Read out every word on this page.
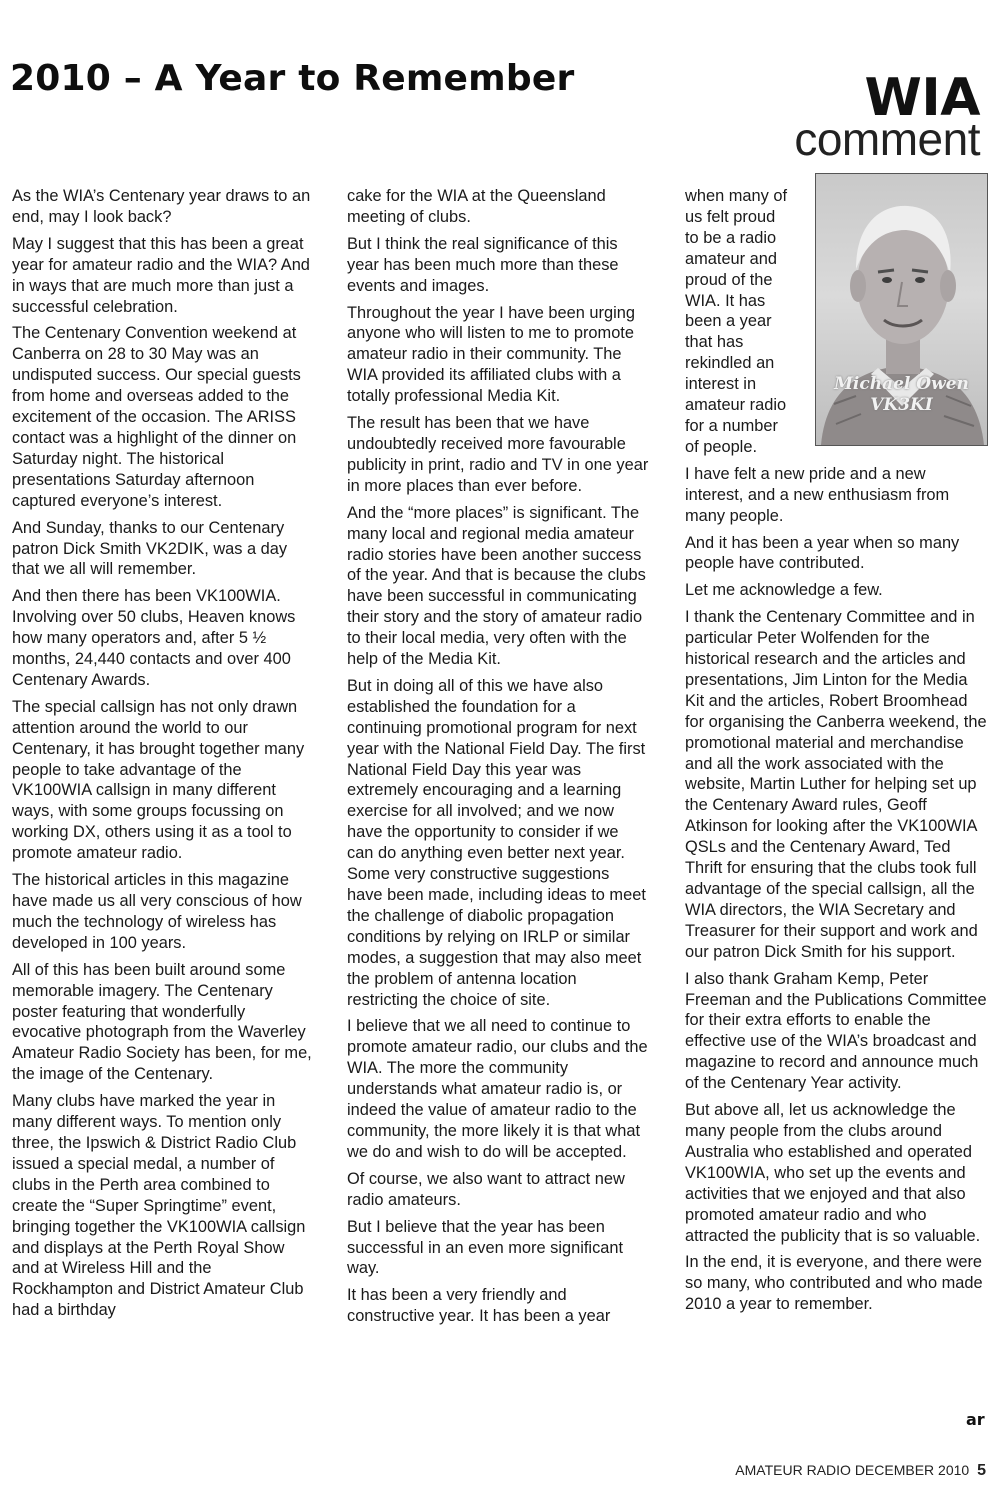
2010 – A Year to Remember	WIA
comment

As the WIA’s Centenary year draws to an end, may I look back?

May I suggest that this has been a great year for amateur radio and the WIA? And in ways that are much more than just a successful celebration.

The Centenary Convention weekend at Canberra on 28 to 30 May was an undisputed success. Our special guests from home and overseas added to the excitement of the occasion. The ARISS contact was a highlight of the dinner on Saturday night. The historical presentations Saturday afternoon captured everyone’s interest.

And Sunday, thanks to our Centenary patron Dick Smith VK2DIK, was a day that we all will remember.

And then there has been VK100WIA. Involving over 50 clubs, Heaven knows how many operators and, after 5 ½ months, 24,440 contacts and over 400 Centenary Awards.

The special callsign has not only drawn attention around the world to our Centenary, it has brought together many people to take advantage of the VK100WIA callsign in many different ways, with some groups focussing on working DX, others using it as a tool to promote amateur radio.

The historical articles in this magazine have made us all very conscious of how much the technology of wireless has developed in 100 years.

All of this has been built around some memorable imagery. The Centenary poster featuring that wonderfully evocative photograph from the Waverley Amateur Radio Society has been, for me, the image of the Centenary.

Many clubs have marked the year in many different ways. To mention only three, the Ipswich & District Radio Club issued a special medal, a number of clubs in the Perth area combined to create the “Super Springtime” event, bringing together the VK100WIA callsign and displays at the Perth Royal Show and at Wireless Hill and the Rockhampton and District Amateur Club had a birthday

cake for the WIA at the Queensland meeting of clubs.

But I think the real significance of this year has been much more than these events and images.

Throughout the year I have been urging anyone who will listen to me to promote amateur radio in their community. The WIA provided its affiliated clubs with a totally professional Media Kit.

The result has been that we have undoubtedly received more favourable publicity in print, radio and TV in one year in more places than ever before.

And the “more places” is significant. The many local and regional media amateur radio stories have been another success of the year. And that is because the clubs have been successful in communicating their story and the story of amateur radio to their local media, very often with the help of the Media Kit.

But in doing all of this we have also established the foundation for a continuing promotional program for next year with the National Field Day. The first National Field Day this year was extremely encouraging and a learning exercise for all involved; and we now have the opportunity to consider if we can do anything even better next year. Some very constructive suggestions have been made, including ideas to meet the challenge of diabolic propagation conditions by relying on IRLP or similar modes, a suggestion that may also meet the problem of antenna location restricting the choice of site.

I believe that we all need to continue to promote amateur radio, our clubs and the WIA. The more the community understands what amateur radio is, or indeed the value of amateur radio to the community, the more likely it is that what we do and wish to do will be accepted.

Of course, we also want to attract new radio amateurs.

But I believe that the year has been successful in an even more significant way.

It has been a very friendly and constructive year. It has been a year

when many of us felt proud to be a radio amateur and proud of the WIA. It has been a year that has rekindled an interest in amateur radio for a number of people.

I have felt a new pride and a new interest, and a new enthusiasm from many people.

And it has been a year when so many people have contributed.

Let me acknowledge a few.

I thank the Centenary Committee and in particular Peter Wolfenden for the historical research and the articles and presentations, Jim Linton for the Media Kit and the articles, Robert Broomhead for organising the Canberra weekend, the promotional material and merchandise and all the work associated with the website, Martin Luther for helping set up the Centenary Award rules, Geoff Atkinson for looking after the VK100WIA QSLs and the Centenary Award, Ted Thrift for ensuring that the clubs took full advantage of the special callsign, all the WIA directors, the WIA Secretary and Treasurer for their support and work and our patron Dick Smith for his support.

I also thank Graham Kemp, Peter Freeman and the Publications Committee for their extra efforts to enable the effective use of the WIA’s broadcast and magazine to record and announce much of the Centenary Year activity.

But above all, let us acknowledge the many people from the clubs around Australia who established and operated VK100WIA, who set up the events and activities that we enjoyed and that also promoted amateur radio and who attracted the publicity that is so valuable.

In the end, it is everyone, and there were so many, who contributed and who made 2010 a year to remember.

Michael Owen
VK3KI
ar
AMATEUR RADIO DECEMBER 2010 5
